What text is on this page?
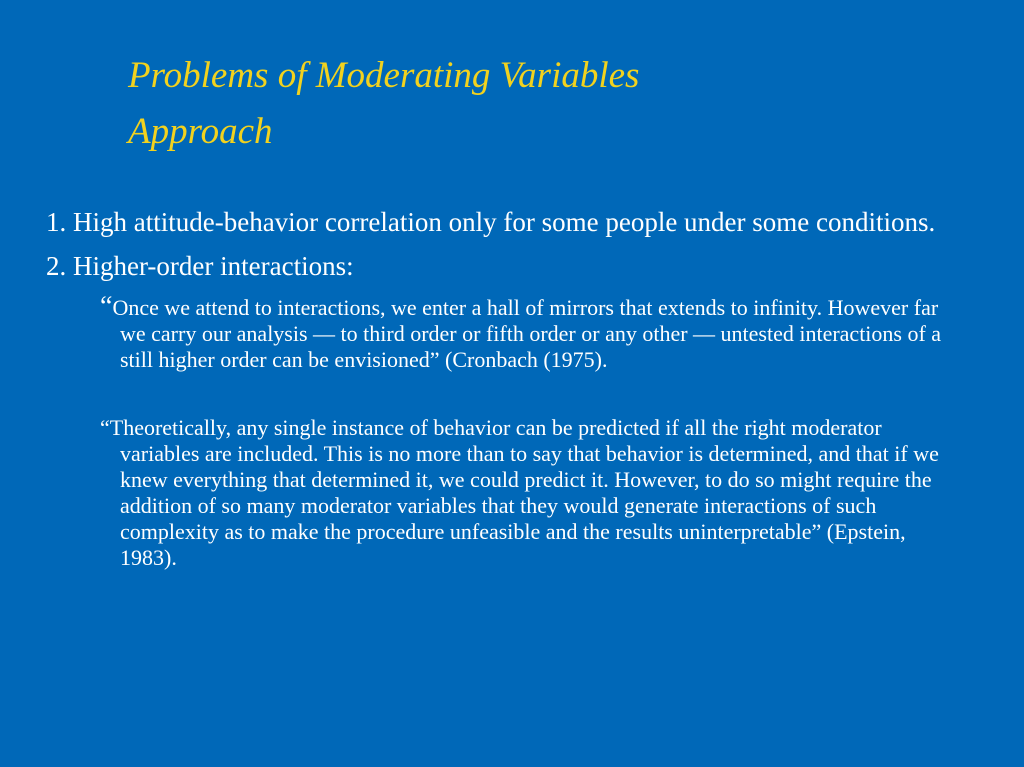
Problems of Moderating Variables
Approach

1. High attitude-behavior correlation only for some people under some conditions.

2. Higher-order interactions:

“Once we attend to interactions, we enter a hall of mirrors that extends to infinity. However far we carry our analysis — to third order or fifth order or any other — untested interactions of a still higher order can be envisioned” (Cronbach (1975).

“Theoretically, any single instance of behavior can be predicted if all the right moderator variables are included. This is no more than to say that behavior is determined, and that if we knew everything that determined it, we could predict it. However, to do so might require the addition of so many moderator variables that they would generate interactions of such complexity as to make the procedure unfeasible and the results uninterpretable” (Epstein, 1983).
